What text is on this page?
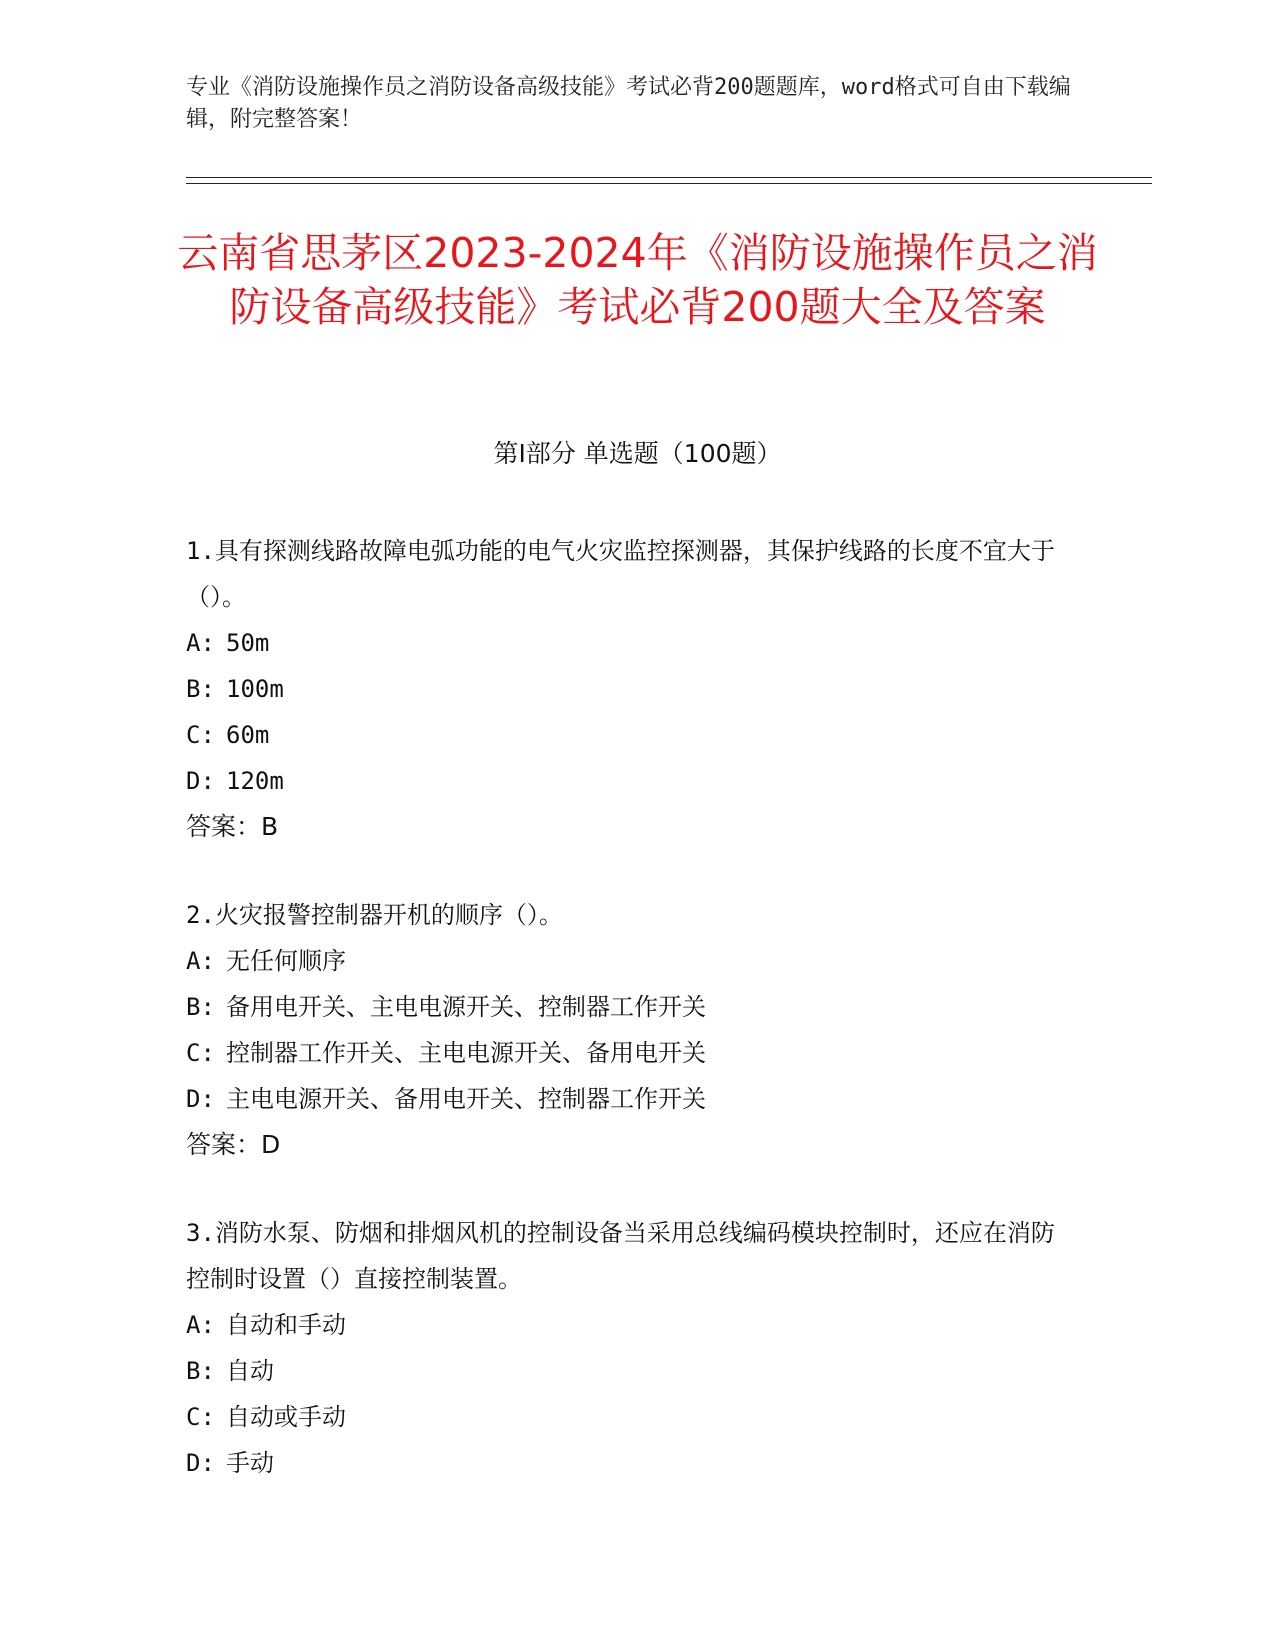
专业《消防设施操作员之消防设备高级技能》考试必背200题题库，word格式可自由下载编辑，附完整答案！
云南省思茅区2023-2024年《消防设施操作员之消防设备高级技能》考试必背200题大全及答案
第Ⅰ部分 单选题（100题）
1.具有探测线路故障电弧功能的电气火灾监控探测器，其保护线路的长度不宜大于（）。
A: 50m
B: 100m
C: 60m
D: 120m
答案：B
2.火灾报警控制器开机的顺序（）。
A: 无任何顺序
B: 备用电开关、主电电源开关、控制器工作开关
C: 控制器工作开关、主电电源开关、备用电开关
D: 主电电源开关、备用电开关、控制器工作开关
答案：D
3.消防水泵、防烟和排烟风机的控制设备当采用总线编码模块控制时，还应在消防控制时设置（）直接控制装置。
A: 自动和手动
B: 自动
C: 自动或手动
D: 手动
